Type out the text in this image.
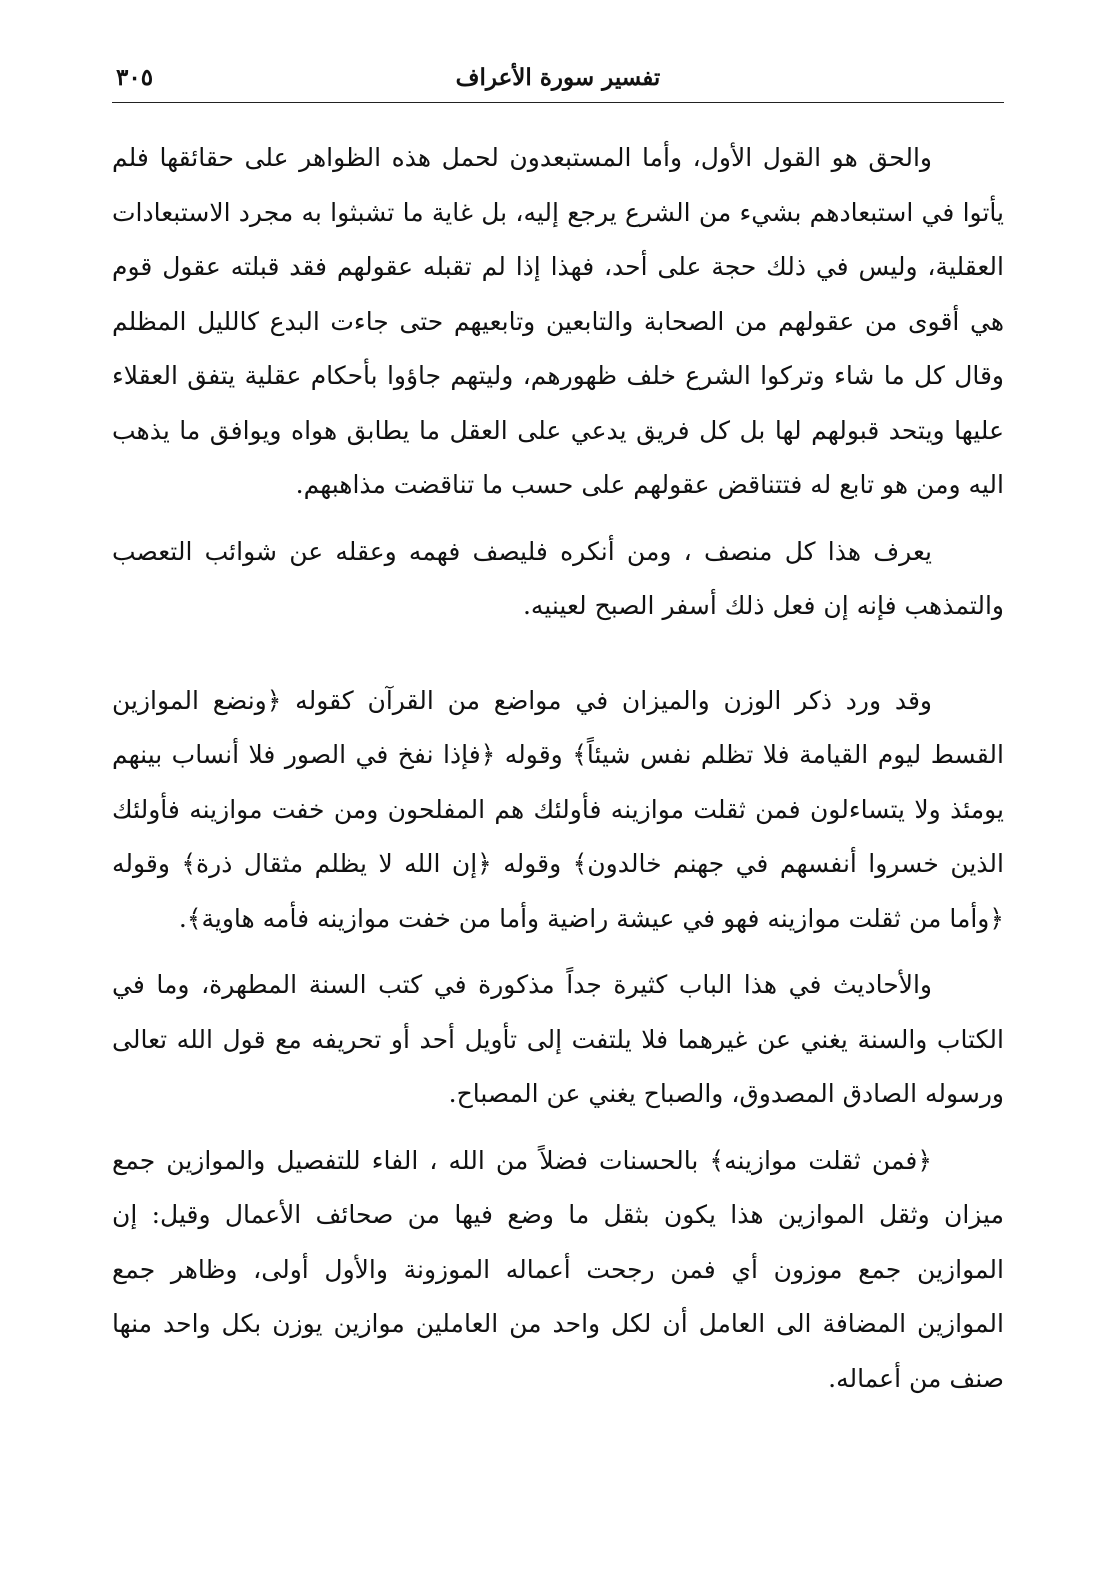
تفسير سورة الأعراف
٣٠٥

والحق هو القول الأول، وأما المستبعدون لحمل هذه الظواهر على حقائقها فلم يأتوا في استبعادهم بشيء من الشرع يرجع إليه، بل غاية ما تشبثوا به مجرد الاستبعادات العقلية، وليس في ذلك حجة على أحد، فهذا إذا لم تقبله عقولهم فقد قبلته عقول قوم هي أقوى من عقولهم من الصحابة والتابعين وتابعيهم حتى جاءت البدع كالليل المظلم وقال كل ما شاء وتركوا الشرع خلف ظهورهم، وليتهم جاؤوا بأحكام عقلية يتفق العقلاء عليها ويتحد قبولهم لها بل كل فريق يدعي على العقل ما يطابق هواه ويوافق ما يذهب اليه ومن هو تابع له فتتناقض عقولهم على حسب ما تناقضت مذاهبهم.

يعرف هذا كل منصف ، ومن أنكره فليصف فهمه وعقله عن شوائب التعصب والتمذهب فإنه إن فعل ذلك أسفر الصبح لعينيه.

وقد ورد ذكر الوزن والميزان في مواضع من القرآن كقوله ﴿ونضع الموازين القسط ليوم القيامة فلا تظلم نفس شيئاً﴾ وقوله ﴿فإذا نفخ في الصور فلا أنساب بينهم يومئذ ولا يتساءلون فمن ثقلت موازينه فأولئك هم المفلحون ومن خفت موازينه فأولئك الذين خسروا أنفسهم في جهنم خالدون﴾ وقوله ﴿إن الله لا يظلم مثقال ذرة﴾ وقوله ﴿وأما من ثقلت موازينه فهو في عيشة راضية وأما من خفت موازينه فأمه هاوية﴾.

والأحاديث في هذا الباب كثيرة جداً مذكورة في كتب السنة المطهرة، وما في الكتاب والسنة يغني عن غيرهما فلا يلتفت إلى تأويل أحد أو تحريفه مع قول الله تعالى ورسوله الصادق المصدوق، والصباح يغني عن المصباح.

﴿فمن ثقلت موازينه﴾ بالحسنات فضلاً من الله ، الفاء للتفصيل والموازين جمع ميزان وثقل الموازين هذا يكون بثقل ما وضع فيها من صحائف الأعمال وقيل: إن الموازين جمع موزون أي فمن رجحت أعماله الموزونة والأول أولى، وظاهر جمع الموازين المضافة الى العامل أن لكل واحد من العاملين موازين يوزن بكل واحد منها صنف من أعماله.
